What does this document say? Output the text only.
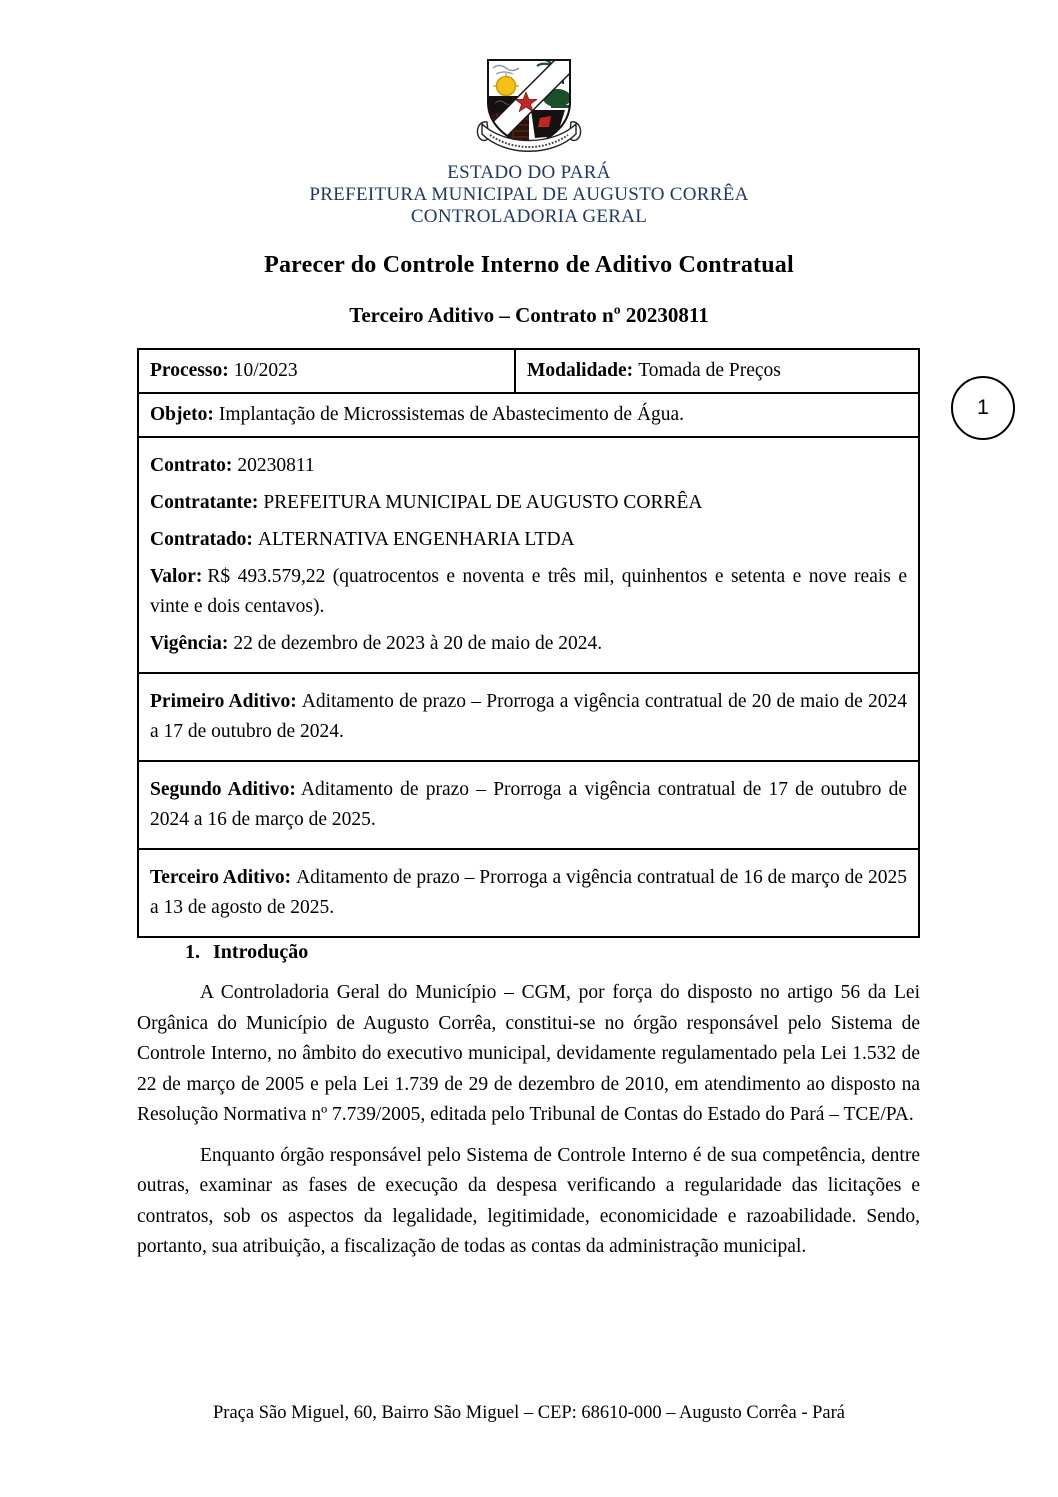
ESTADO DO PARÁ
PREFEITURA MUNICIPAL DE AUGUSTO CORRÊA
CONTROLADORIA GERAL
Parecer do Controle Interno de Aditivo Contratual
Terceiro Aditivo – Contrato nº 20230811
1
Processo: 10/2023	Modalidade: Tomada de Preços
Objeto: Implantação de Microssistemas de Abastecimento de Água.

Contrato: 20230811

Contratante: PREFEITURA MUNICIPAL DE AUGUSTO CORRÊA

Contratado: ALTERNATIVA ENGENHARIA LTDA

Valor: R$ 493.579,22 (quatrocentos e noventa e três mil, quinhentos e setenta e nove reais e vinte e dois centavos).

Vigência: 22 de dezembro de 2023 à 20 de maio de 2024.

Primeiro Aditivo: Aditamento de prazo – Prorroga a vigência contratual de 20 de maio de 2024 a 17 de outubro de 2024.

Segundo Aditivo: Aditamento de prazo – Prorroga a vigência contratual de 17 de outubro de 2024 a 16 de março de 2025.

Terceiro Aditivo: Aditamento de prazo – Prorroga a vigência contratual de 16 de março de 2025 a 13 de agosto de 2025.

1. Introdução

A Controladoria Geral do Município – CGM, por força do disposto no artigo 56 da Lei Orgânica do Município de Augusto Corrêa, constitui-se no órgão responsável pelo Sistema de Controle Interno, no âmbito do executivo municipal, devidamente regulamentado pela Lei 1.532 de 22 de março de 2005 e pela Lei 1.739 de 29 de dezembro de 2010, em atendimento ao disposto na Resolução Normativa nº 7.739/2005, editada pelo Tribunal de Contas do Estado do Pará – TCE/PA.

Enquanto órgão responsável pelo Sistema de Controle Interno é de sua competência, dentre outras, examinar as fases de execução da despesa verificando a regularidade das licitações e contratos, sob os aspectos da legalidade, legitimidade, economicidade e razoabilidade. Sendo, portanto, sua atribuição, a fiscalização de todas as contas da administração municipal.

Praça São Miguel, 60, Bairro São Miguel – CEP: 68610-000 – Augusto Corrêa - Pará
